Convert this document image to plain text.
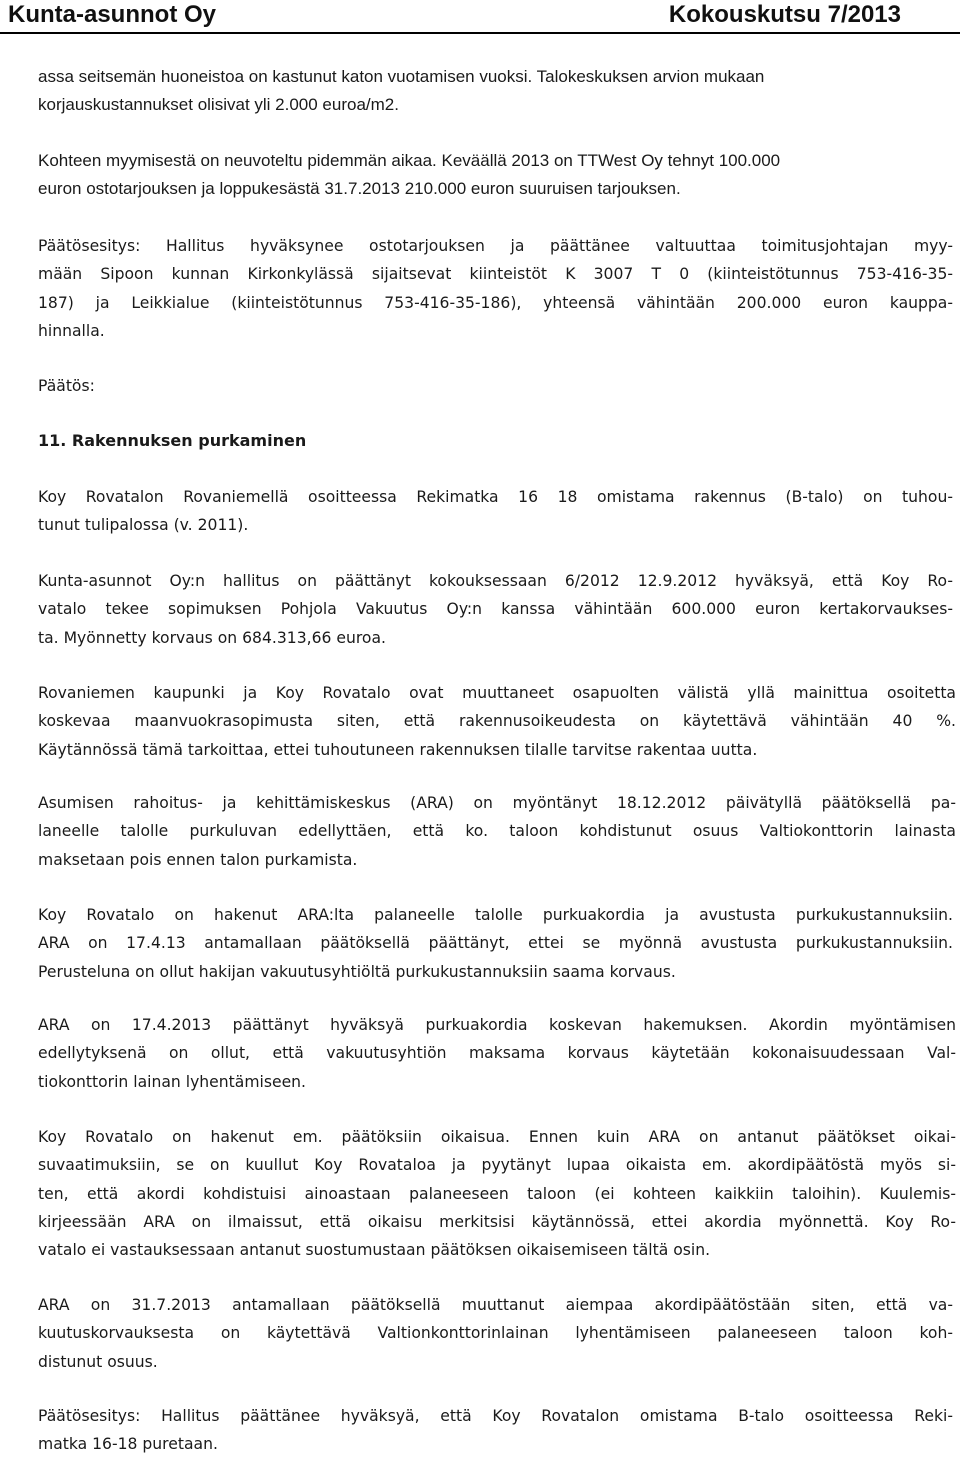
Kunta-asunnot Oy	Kokouskutsu 7/2013
assa seitsemän huoneistoa on kastunut katon vuotamisen vuoksi. Talokeskuksen arvion mukaan
korjauskustannukset olisivat yli 2.000 euroa/m2.
Kohteen myymisestä on neuvoteltu pidemmän aikaa. Keväällä 2013 on TTWest Oy tehnyt 100.000
euron ostotarjouksen ja loppukesästä 31.7.2013 210.000 euron suuruisen tarjouksen.
Päätösesitys: Hallitus hyväksynee ostotarjouksen ja päättänee valtuuttaa toimitusjohtajan myy-
mään Sipoon kunnan Kirkonkylässä sijaitsevat kiinteistöt K 3007 T 0 (kiinteistötunnus 753-416-35-
187) ja Leikkialue (kiinteistötunnus 753-416-35-186), yhteensä vähintään 200.000 euron kauppa-
hinnalla.
Päätös:
11. Rakennuksen purkaminen
Koy Rovatalon Rovaniemellä osoitteessa Rekimatka 16 18 omistama rakennus (B-talo) on tuhou-
tunut tulipalossa (v. 2011).
Kunta-asunnot Oy:n hallitus on päättänyt kokouksessaan 6/2012 12.9.2012 hyväksyä, että Koy Ro-
vatalo tekee sopimuksen Pohjola Vakuutus Oy:n kanssa vähintään 600.000 euron kertakorvaukses-
ta. Myönnetty korvaus on 684.313,66 euroa.
Rovaniemen kaupunki ja Koy Rovatalo ovat muuttaneet osapuolten välistä yllä mainittua osoitetta
koskevaa maanvuokrasopimusta siten, että rakennusoikeudesta on käytettävä vähintään 40 %.
Käytännössä tämä tarkoittaa, ettei tuhoutuneen rakennuksen tilalle tarvitse rakentaa uutta.
Asumisen rahoitus- ja kehittämiskeskus (ARA) on myöntänyt 18.12.2012 päivätyllä päätöksellä pa-
laneelle talolle purkuluvan edellyttäen, että ko. taloon kohdistunut osuus Valtiokonttorin lainasta
maksetaan pois ennen talon purkamista.
Koy Rovatalo on hakenut ARA:lta palaneelle talolle purkuakordia ja avustusta purkukustannuksiin.
ARA on 17.4.13 antamallaan päätöksellä päättänyt, ettei se myönnä avustusta purkukustannuksiin.
Perusteluna on ollut hakijan vakuutusyhtiöltä purkukustannuksiin saama korvaus.
ARA on 17.4.2013 päättänyt hyväksyä purkuakordia koskevan hakemuksen. Akordin myöntämisen
edellytyksenä on ollut, että vakuutusyhtiön maksama korvaus käytetään kokonaisuudessaan Val-
tiokonttorin lainan lyhentämiseen.
Koy Rovatalo on hakenut em. päätöksiin oikaisua. Ennen kuin ARA on antanut päätökset oikai-
suvaatimuksiin, se on kuullut Koy Rovataloa ja pyytänyt lupaa oikaista em. akordipäätöstä myös si-
ten, että akordi kohdistuisi ainoastaan palaneeseen taloon (ei kohteen kaikkiin taloihin). Kuulemis-
kirjeessään ARA on ilmaissut, että oikaisu merkitsisi käytännössä, ettei akordia myönnettä. Koy Ro-
vatalo ei vastauksessaan antanut suostumustaan päätöksen oikaisemiseen tältä osin.
ARA on 31.7.2013 antamallaan päätöksellä muuttanut aiempaa akordipäätöstään siten, että va-
kuutuskorvauksesta on käytettävä Valtionkonttorinlainan lyhentämiseen palaneeseen taloon koh-
distunut osuus.
Päätösesitys: Hallitus päättänee hyväksyä, että Koy Rovatalon omistama B-talo osoitteessa Reki-
matka 16-18 puretaan.
